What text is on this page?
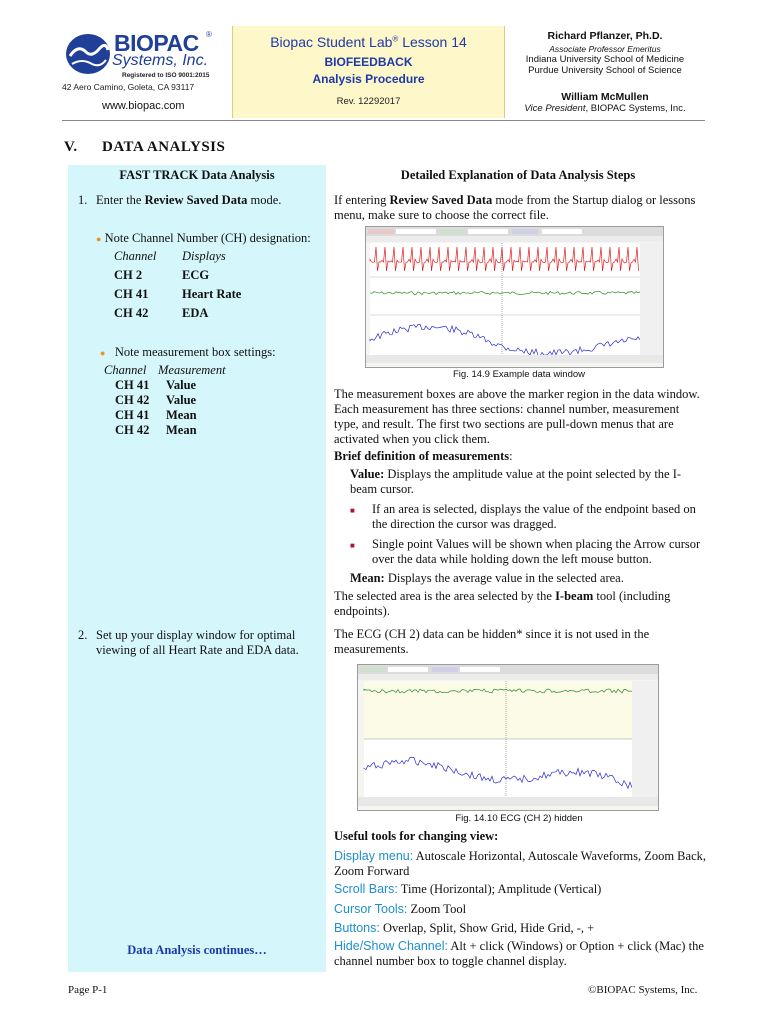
BIOPAC ®
Systems, Inc.
Registered to ISO 9001:2015
42 Aero Camino, Goleta, CA 93117
www.biopac.com
Biopac Student Lab® Lesson 14
BIOFEEDBACK
Analysis Procedure
Rev. 12292017
Richard Pflanzer, Ph.D.
Associate Professor Emeritus
Indiana University School of Medicine
Purdue University School of Science
William McMullen
Vice President, BIOPAC Systems, Inc.
V. DATA ANALYSIS
FAST TRACK Data Analysis
1. Enter the Review Saved Data mode.
● Note Channel Number (CH) designation:
Channel Displays
CH 2	ECG
CH 41	Heart Rate
CH 42	EDA
● Note measurement box settings:
Channel Measurement
CH 41 Value
CH 42 Value
CH 41 Mean
CH 42 Mean
2. Set up your display window for optimal viewing of all Heart Rate and EDA data.
Data Analysis continues…
Detailed Explanation of Data Analysis Steps
If entering Review Saved Data mode from the Startup dialog or lessons menu, make sure to choose the correct file.
Fig. 14.9 Example data window
The measurement boxes are above the marker region in the data window. Each measurement has three sections: channel number, measurement type, and result. The first two sections are pull-down menus that are activated when you click them.
Brief definition of measurements:
Value: Displays the amplitude value at the point selected by the I-beam cursor.
■ If an area is selected, displays the value of the endpoint based on the direction the cursor was dragged.
■ Single point Values will be shown when placing the Arrow cursor over the data while holding down the left mouse button.
Mean: Displays the average value in the selected area.
The selected area is the area selected by the I-beam tool (including endpoints).
The ECG (CH 2) data can be hidden* since it is not used in the measurements.
Fig. 14.10 ECG (CH 2) hidden
Useful tools for changing view:
Display menu: Autoscale Horizontal, Autoscale Waveforms, Zoom Back, Zoom Forward
Scroll Bars: Time (Horizontal); Amplitude (Vertical)
Cursor Tools: Zoom Tool
Buttons: Overlap, Split, Show Grid, Hide Grid, -, +
Hide/Show Channel: Alt + click (Windows) or Option + click (Mac) the channel number box to toggle channel display.
Page P-1	©BIOPAC Systems, Inc.
